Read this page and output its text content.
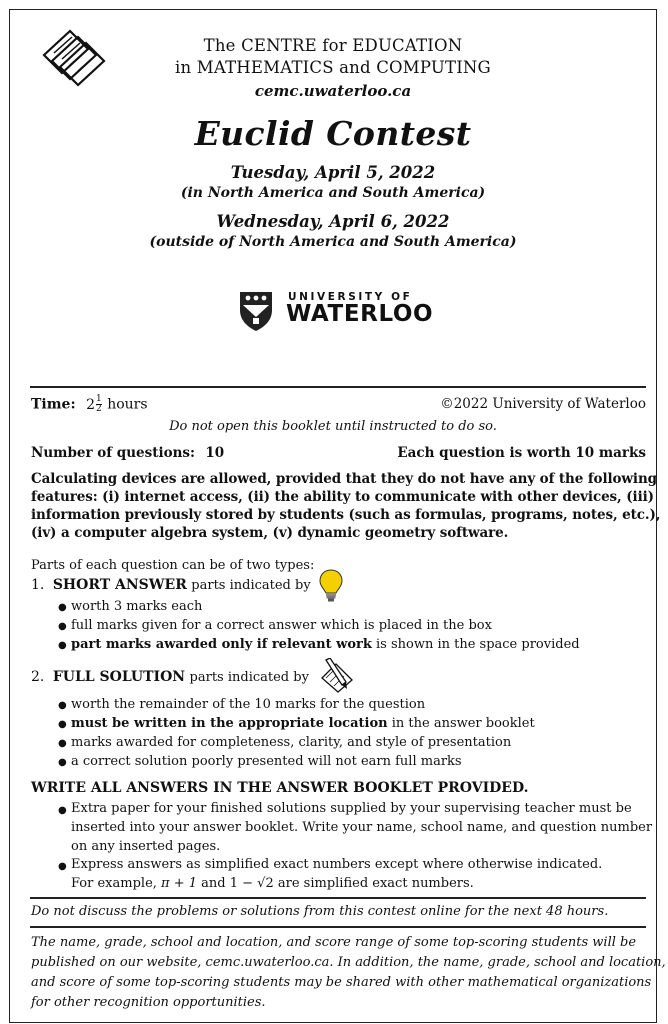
The CENTRE for EDUCATION
in MATHEMATICS and COMPUTING
cemc.uwaterloo.ca
Euclid Contest
Tuesday, April 5, 2022
(in North America and South America)
Wednesday, April 6, 2022
(outside of North America and South America)
UNIVERSITY OF
WATERLOO
Time: $2 \frac{1}{2}$ hours	©2022 University of Waterloo
Do not open this booklet until instructed to do so.
Number of questions: 10	Each question is worth 10 marks
Calculating devices are allowed, provided that they do not have any of the following
features: (i) internet access, (ii) the ability to communicate with other devices, (iii)
information previously stored by students (such as formulas, programs, notes, etc.),
(iv) a computer algebra system, (v) dynamic geometry software.
Parts of each question can be of two types:
1. SHORT ANSWER parts indicated by
● worth 3 marks each
● full marks given for a correct answer which is placed in the box
● part marks awarded only if relevant work is shown in the space provided
2. FULL SOLUTION parts indicated by
● worth the remainder of the 10 marks for the question
● must be written in the appropriate location in the answer booklet
● marks awarded for completeness, clarity, and style of presentation
● a correct solution poorly presented will not earn full marks
WRITE ALL ANSWERS IN THE ANSWER BOOKLET PROVIDED.
● Extra paper for your finished solutions supplied by your supervising teacher must be
inserted into your answer booklet. Write your name, school name, and question number
on any inserted pages.
● Express answers as simplified exact numbers except where otherwise indicated.
For example, π + 1 and 1 − √2 are simplified exact numbers.
Do not discuss the problems or solutions from this contest online for the next 48 hours.
The name, grade, school and location, and score range of some top-scoring students will be
published on our website, cemc.uwaterloo.ca. In addition, the name, grade, school and location,
and score of some top-scoring students may be shared with other mathematical organizations
for other recognition opportunities.
